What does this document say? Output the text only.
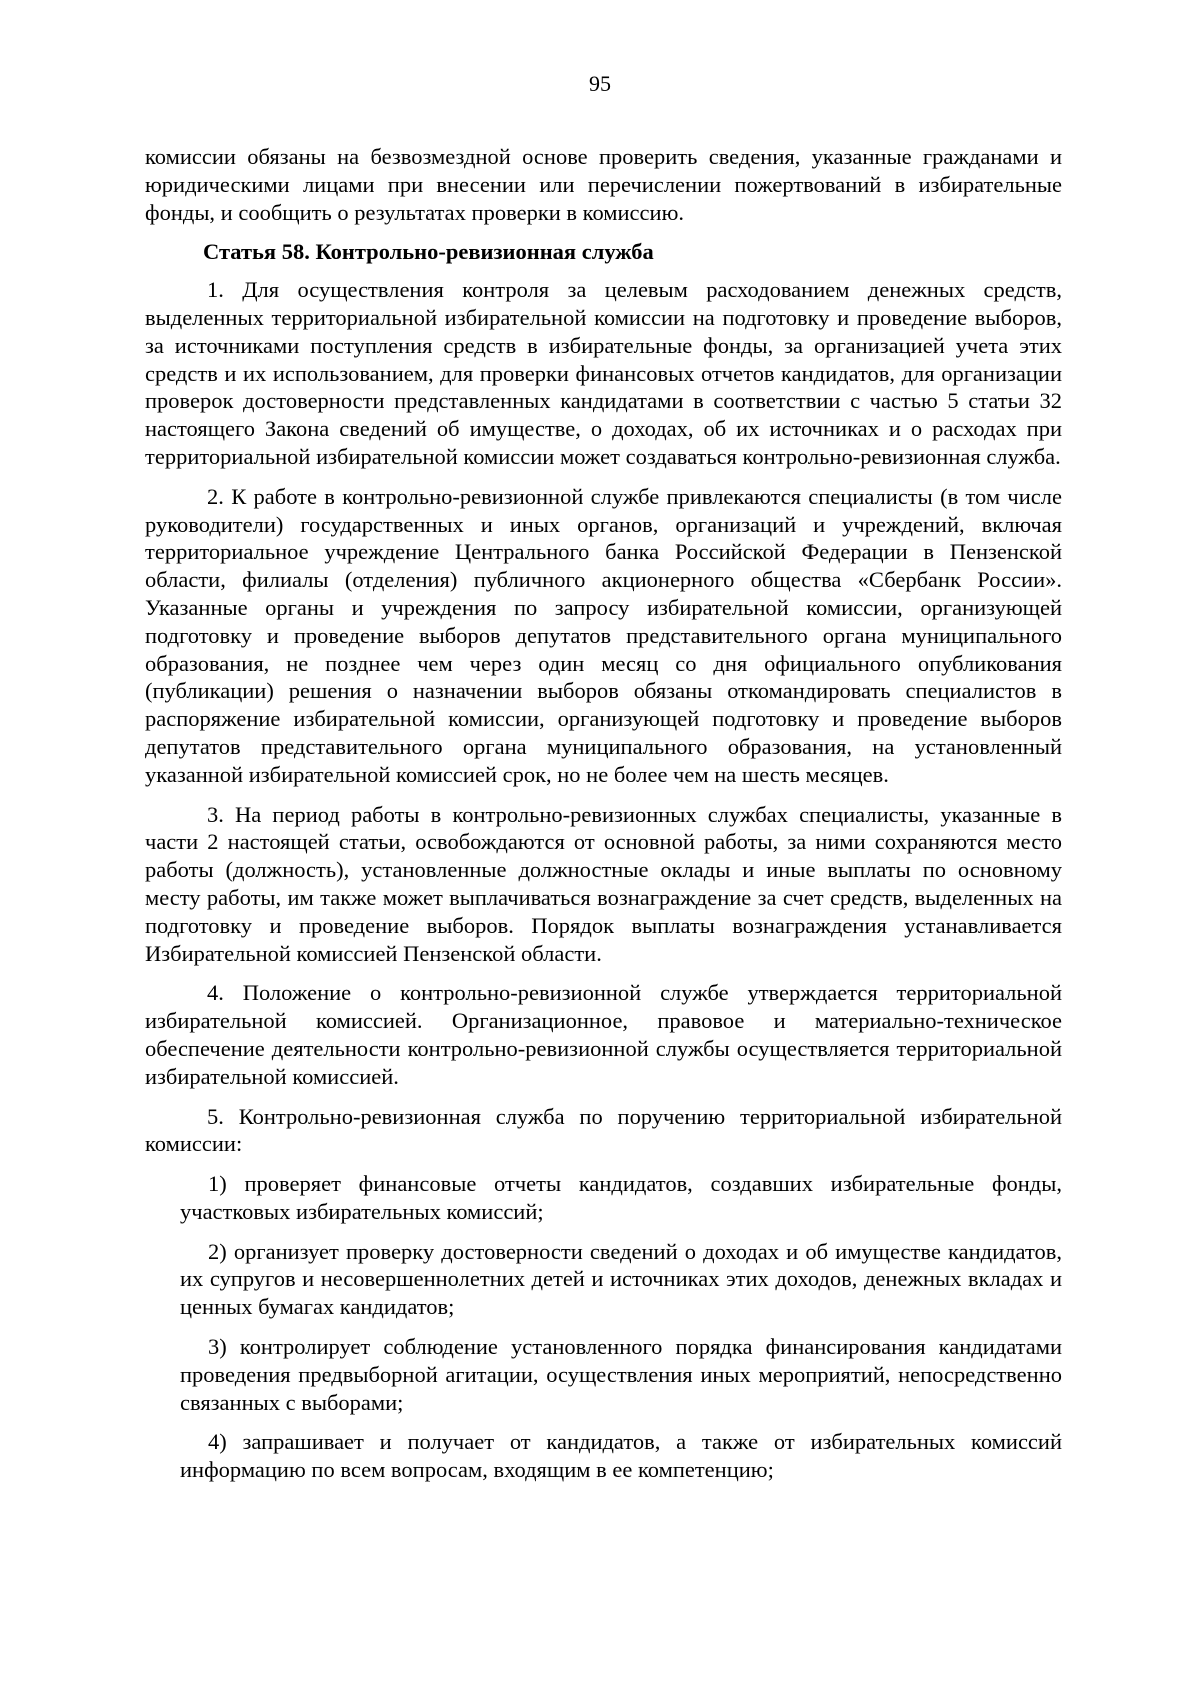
95

комиссии обязаны на безвозмездной основе проверить сведения, указанные гражданами и юридическими лицами при внесении или перечислении пожертвований в избирательные фонды, и сообщить о результатах проверки в комиссию.

Статья 58. Контрольно-ревизионная служба

1. Для осуществления контроля за целевым расходованием денежных средств, выделенных территориальной избирательной комиссии на подготовку и проведение выборов, за источниками поступления средств в избирательные фонды, за организацией учета этих средств и их использованием, для проверки финансовых отчетов кандидатов, для организации проверок достоверности представленных кандидатами в соответствии с частью 5 статьи 32 настоящего Закона сведений об имуществе, о доходах, об их источниках и о расходах при территориальной избирательной комиссии может создаваться контрольно-ревизионная служба.

2. К работе в контрольно-ревизионной службе привлекаются специалисты (в том числе руководители) государственных и иных органов, организаций и учреждений, включая территориальное учреждение Центрального банка Российской Федерации в Пензенской области, филиалы (отделения) публичного акционерного общества «Сбербанк России». Указанные органы и учреждения по запросу избирательной комиссии, организующей подготовку и проведение выборов депутатов представительного органа муниципального образования, не позднее чем через один месяц со дня официального опубликования (публикации) решения о назначении выборов обязаны откомандировать специалистов в распоряжение избирательной комиссии, организующей подготовку и проведение выборов депутатов представительного органа муниципального образования, на установленный указанной избирательной комиссией срок, но не более чем на шесть месяцев.

3. На период работы в контрольно-ревизионных службах специалисты, указанные в части 2 настоящей статьи, освобождаются от основной работы, за ними сохраняются место работы (должность), установленные должностные оклады и иные выплаты по основному месту работы, им также может выплачиваться вознаграждение за счет средств, выделенных на подготовку и проведение выборов. Порядок выплаты вознаграждения устанавливается Избирательной комиссией Пензенской области.

4. Положение о контрольно-ревизионной службе утверждается территориальной избирательной комиссией. Организационное, правовое и материально-техническое обеспечение деятельности контрольно-ревизионной службы осуществляется территориальной избирательной комиссией.

5. Контрольно-ревизионная служба по поручению территориальной избирательной комиссии:

1) проверяет финансовые отчеты кандидатов, создавших избирательные фонды, участковых избирательных комиссий;

2) организует проверку достоверности сведений о доходах и об имуществе кандидатов, их супругов и несовершеннолетних детей и источниках этих доходов, денежных вкладах и ценных бумагах кандидатов;

3) контролирует соблюдение установленного порядка финансирования кандидатами проведения предвыборной агитации, осуществления иных мероприятий, непосредственно связанных с выборами;

4) запрашивает и получает от кандидатов, а также от избирательных комиссий информацию по всем вопросам, входящим в ее компетенцию;
